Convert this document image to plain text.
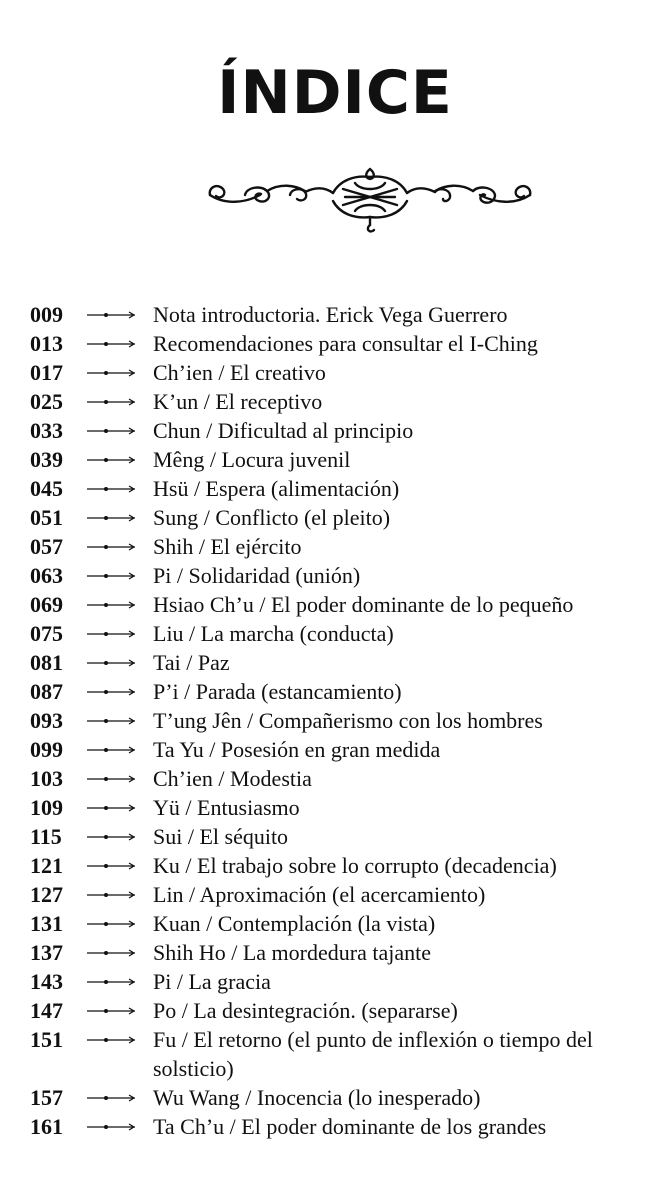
ÍNDICE
009	Nota introductoria. Erick Vega Guerrero
013	Recomendaciones para consultar el I-Ching
017	Ch’ien / El creativo
025	K’un / El receptivo
033	Chun / Dificultad al principio
039	Mêng / Locura juvenil
045	Hsü / Espera (alimentación)
051	Sung / Conflicto (el pleito)
057	Shih / El ejército
063	Pi / Solidaridad (unión)
069	Hsiao Ch’u / El poder dominante de lo pequeño
075	Liu / La marcha (conducta)
081	Tai / Paz
087	P’i / Parada (estancamiento)
093	T’ung Jên / Compañerismo con los hombres
099	Ta Yu / Posesión en gran medida
103	Ch’ien / Modestia
109	Yü / Entusiasmo
115	Sui / El séquito
121	Ku / El trabajo sobre lo corrupto (decadencia)
127	Lin / Aproximación (el acercamiento)
131	Kuan / Contemplación (la vista)
137	Shih Ho / La mordedura tajante
143	Pi / La gracia
147	Po / La desintegración. (separarse)
151	Fu / El retorno (el punto de inflexión o tiempo del solsticio)
157	Wu Wang / Inocencia (lo inesperado)
161	Ta Ch’u / El poder dominante de los grandes
